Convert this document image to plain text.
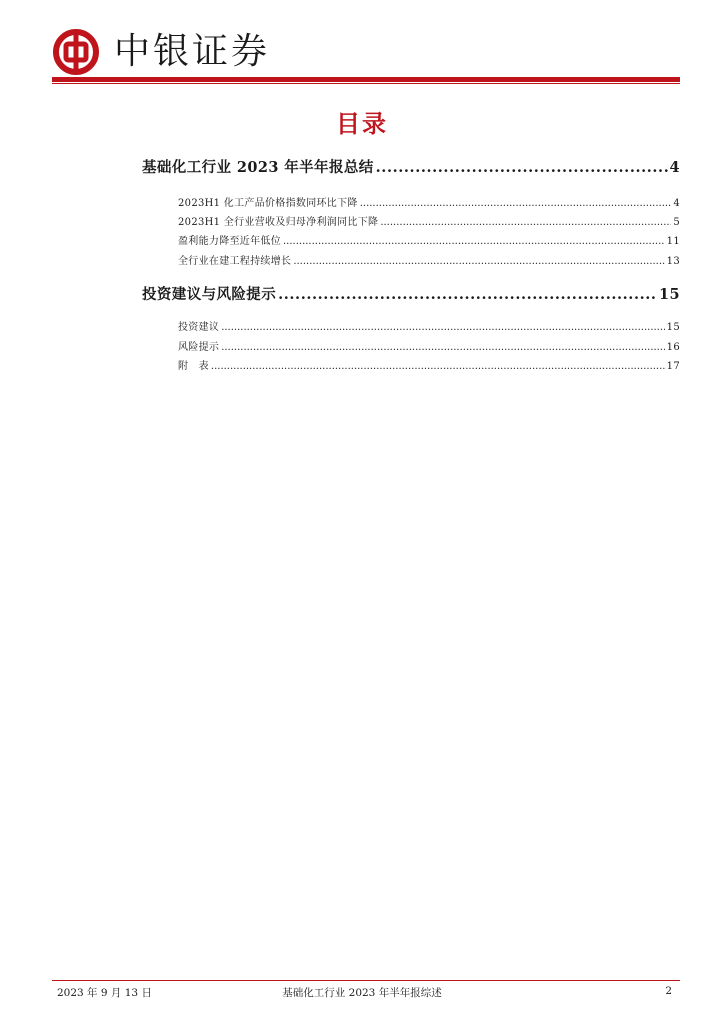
中银证券
目录
基础化工行业 2023 年半年报总结 .....	4
2023H1 化工产品价格指数同环比下降 .....	4
2023H1 全行业营收及归母净利润同比下降 .....	5
盈利能力降至近年低位 .....	11
全行业在建工程持续增长 .....	13
投资建议与风险提示 .....	15
投资建议 .....	15
风险提示 .....	16
附　表 .....	17
2023 年 9 月 13 日	基础化工行业 2023 年半年报综述	2
